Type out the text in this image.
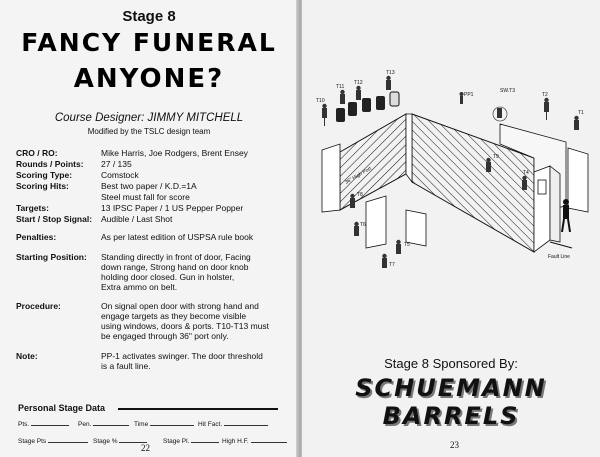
Stage 8
FANCY FUNERAL
ANYONE?
Course Designer: JIMMY MITCHELL
Modified by the TSLC design team
CRO / RO:	Mike Harris, Joe Rodgers, Brent Ensey
Rounds / Points: 27 / 135
Scoring Type:	Comstock
Scoring Hits:	Best two paper / K.D.=1A
Steel must fall for score
Targets:	13 IPSC Paper / 1 US Pepper Popper
Start / Stop Signal: Audible / Last Shot
Penalties:	As per latest edition of USPSA rule book
Starting Position: Standing directly in front of door, Facing
down range, Strong hand on door knob
holding door closed. Gun in holster,
Extra ammo on belt.
Procedure:	On signal open door with strong hand and
engage targets as they become visible
using windows, doors & ports. T10-T13 must
be engaged through 36" port only.
Note:	PP-1 activates swinger. The door threshold
is a fault line.
Personal Stage Data
Pts.	Pen.	Time	Hit Fact.
Stage Pts	Stage %	Stage Pl.	High H.F.
22
T13
T11
T12
T10
PP1
SW.T3
T2
T1
T9
T4
T8
T6
T5
T7
36" High Port
Fault Line
Stage 8 Sponsored By:
SCHUEMANN
BARRELS
23
